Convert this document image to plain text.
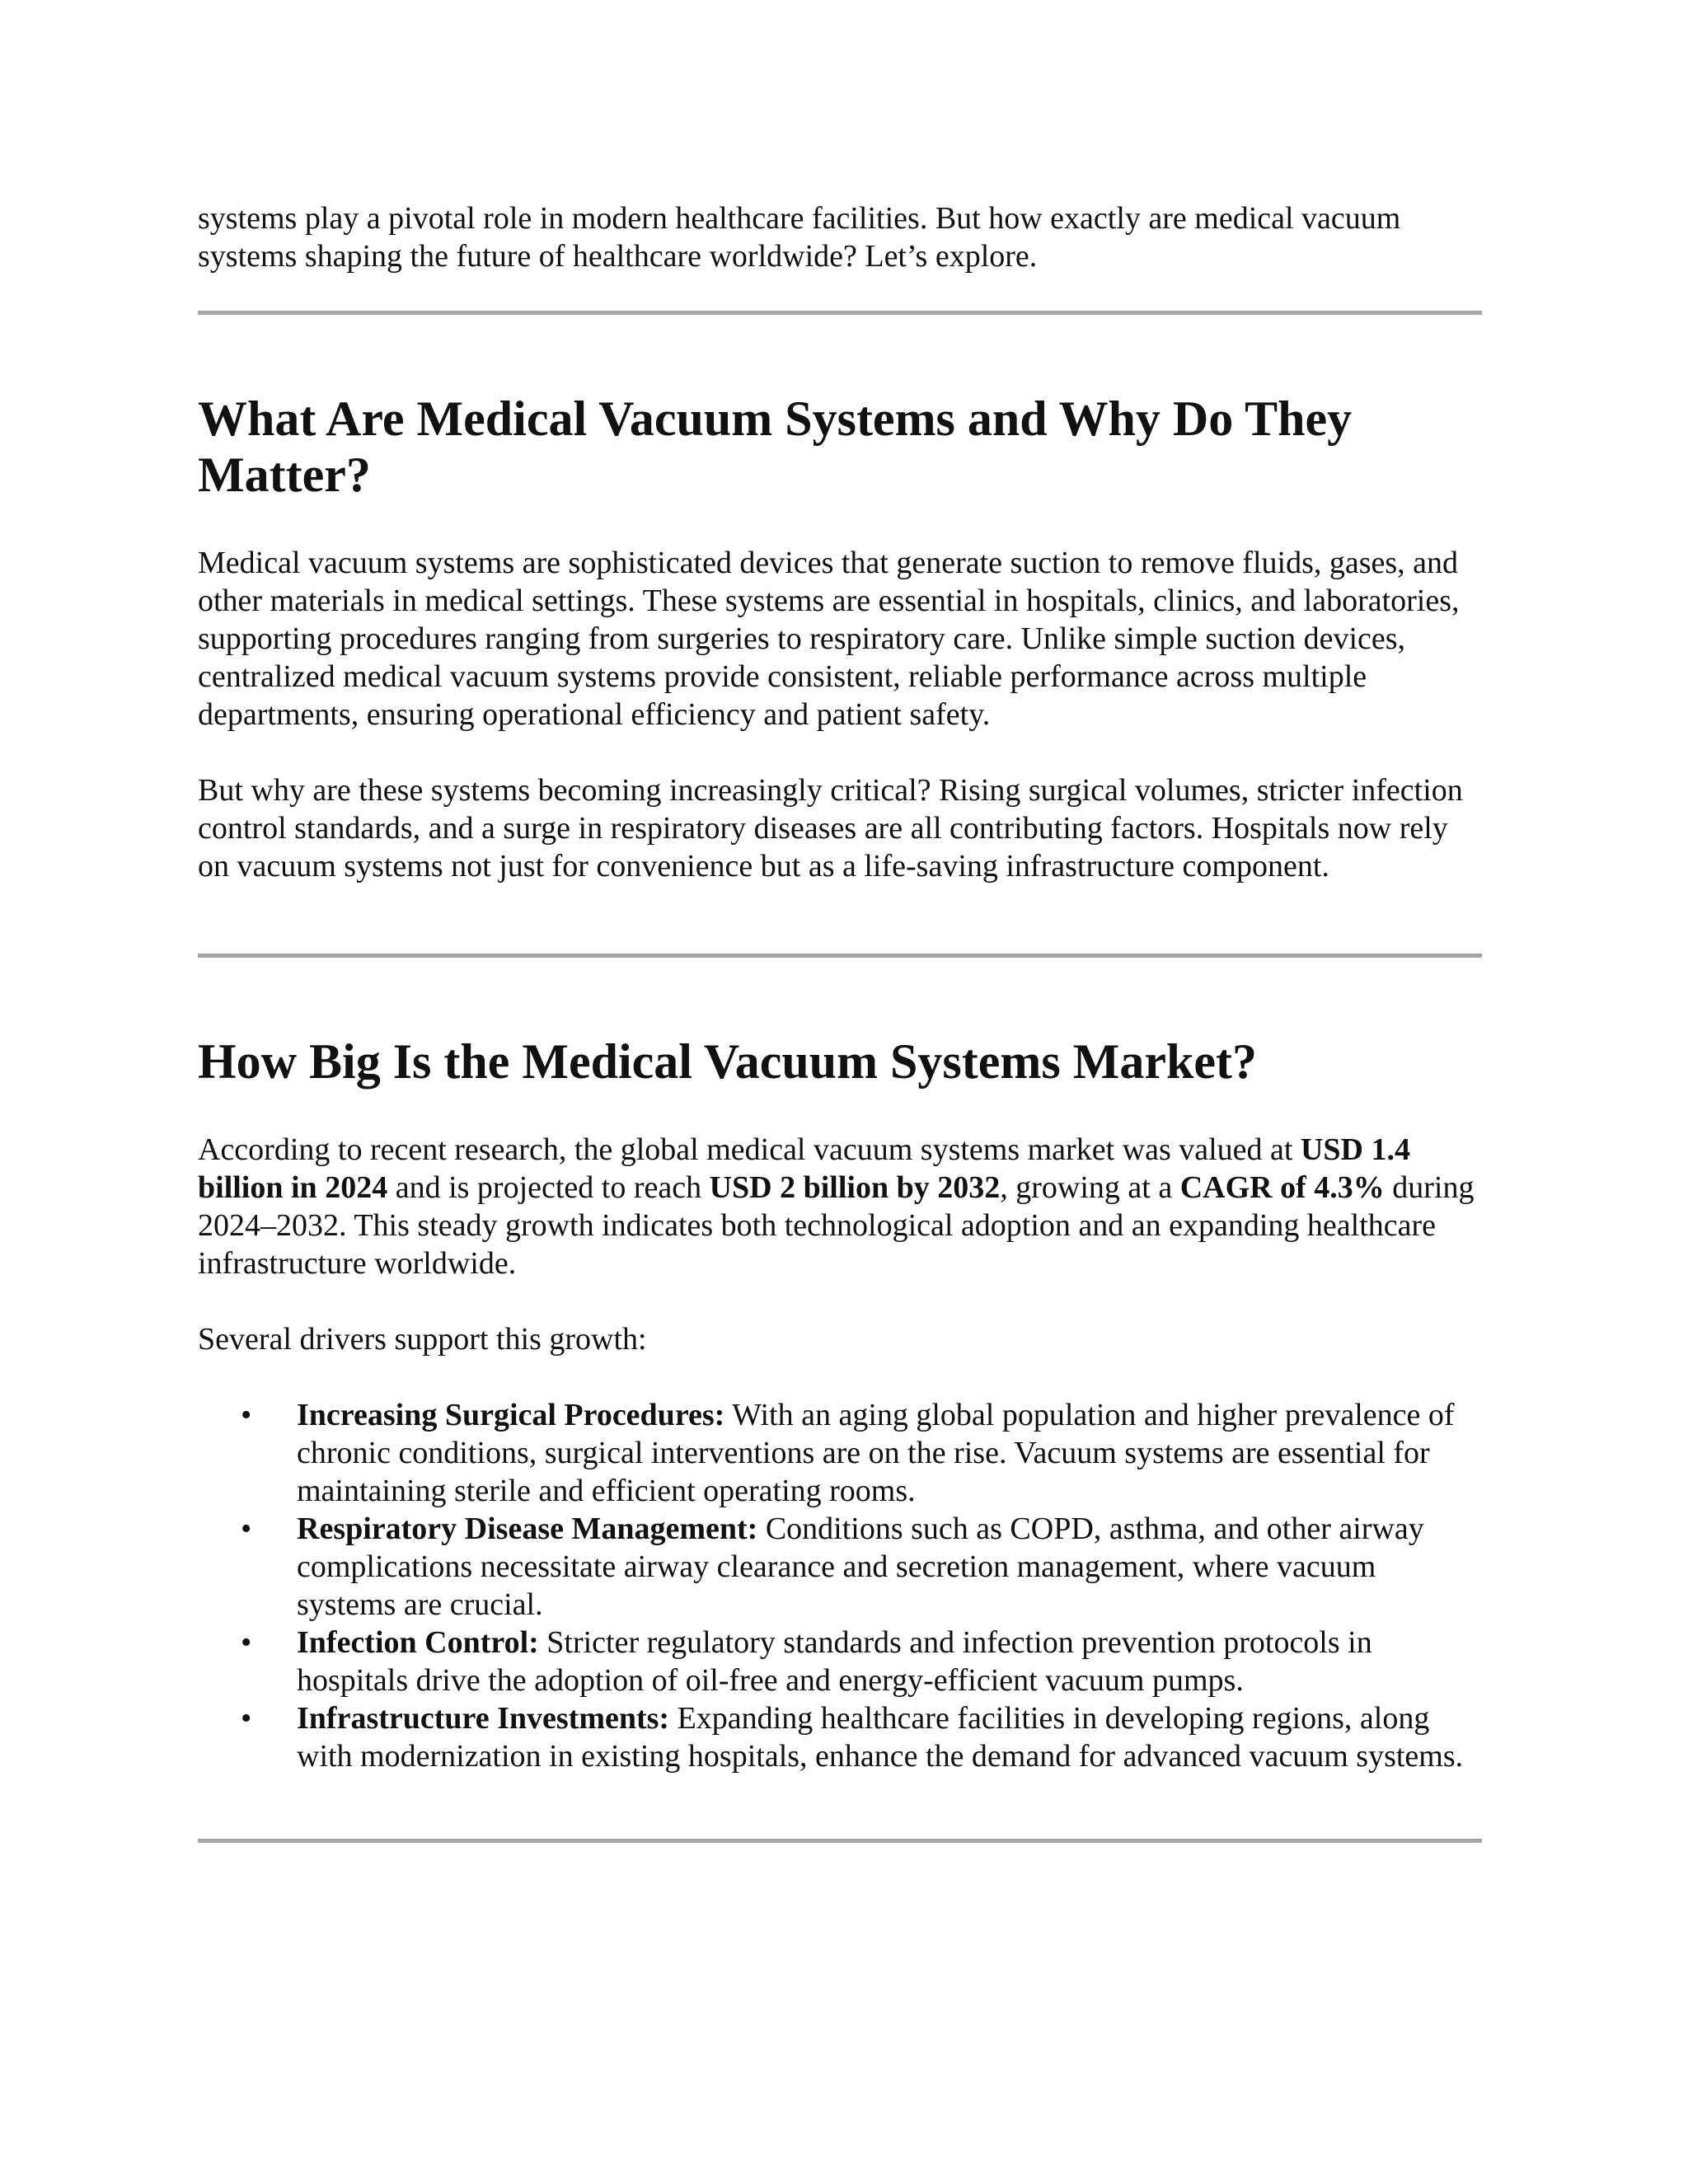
systems play a pivotal role in modern healthcare facilities. But how exactly are medical vacuum systems shaping the future of healthcare worldwide? Let’s explore.

What Are Medical Vacuum Systems and Why Do They Matter?

Medical vacuum systems are sophisticated devices that generate suction to remove fluids, gases, and other materials in medical settings. These systems are essential in hospitals, clinics, and laboratories, supporting procedures ranging from surgeries to respiratory care. Unlike simple suction devices, centralized medical vacuum systems provide consistent, reliable performance across multiple departments, ensuring operational efficiency and patient safety.

But why are these systems becoming increasingly critical? Rising surgical volumes, stricter infection control standards, and a surge in respiratory diseases are all contributing factors. Hospitals now rely on vacuum systems not just for convenience but as a life-saving infrastructure component.

How Big Is the Medical Vacuum Systems Market?

According to recent research, the global medical vacuum systems market was valued at USD 1.4 billion in 2024 and is projected to reach USD 2 billion by 2032, growing at a CAGR of 4.3% during 2024–2032. This steady growth indicates both technological adoption and an expanding healthcare infrastructure worldwide.

Several drivers support this growth:

• Increasing Surgical Procedures: With an aging global population and higher prevalence of chronic conditions, surgical interventions are on the rise. Vacuum systems are essential for maintaining sterile and efficient operating rooms.
• Respiratory Disease Management: Conditions such as COPD, asthma, and other airway complications necessitate airway clearance and secretion management, where vacuum systems are crucial.
• Infection Control: Stricter regulatory standards and infection prevention protocols in hospitals drive the adoption of oil-free and energy-efficient vacuum pumps.
• Infrastructure Investments: Expanding healthcare facilities in developing regions, along with modernization in existing hospitals, enhance the demand for advanced vacuum systems.
